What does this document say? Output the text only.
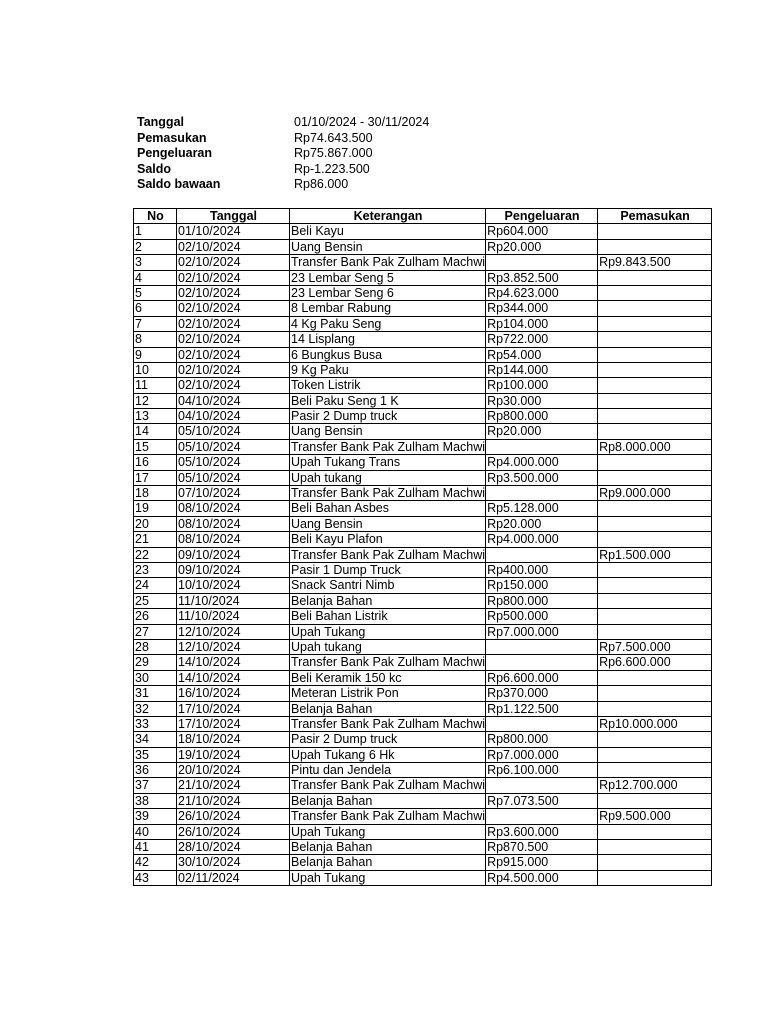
Tanggal	01/10/2024 - 30/11/2024
Pemasukan	Rp74.643.500
Pengeluaran	Rp75.867.000
Saldo	Rp-1.223.500
Saldo bawaan	Rp86.000
No	Tanggal	Keterangan	Pengeluaran	Pemasukan
1	01/10/2024	Beli Kayu	Rp604.000	
2	02/10/2024	Uang Bensin	Rp20.000	
3	02/10/2024	Transfer Bank Pak Zulham Machwi		Rp9.843.500
4	02/10/2024	23 Lembar Seng 5	Rp3.852.500	
5	02/10/2024	23 Lembar Seng 6	Rp4.623.000	
6	02/10/2024	8 Lembar Rabung	Rp344.000	
7	02/10/2024	4 Kg Paku Seng	Rp104.000	
8	02/10/2024	14 Lisplang	Rp722.000	
9	02/10/2024	6 Bungkus Busa	Rp54.000	
10	02/10/2024	9 Kg Paku	Rp144.000	
11	02/10/2024	Token Listrik	Rp100.000	
12	04/10/2024	Beli Paku Seng 1 K	Rp30.000	
13	04/10/2024	Pasir 2 Dump truck	Rp800.000	
14	05/10/2024	Uang Bensin	Rp20.000	
15	05/10/2024	Transfer Bank Pak Zulham Machwi		Rp8.000.000
16	05/10/2024	Upah Tukang Trans	Rp4.000.000	
17	05/10/2024	Upah tukang	Rp3.500.000	
18	07/10/2024	Transfer Bank Pak Zulham Machwi		Rp9.000.000
19	08/10/2024	Beli Bahan Asbes	Rp5.128.000	
20	08/10/2024	Uang Bensin	Rp20.000	
21	08/10/2024	Beli Kayu Plafon	Rp4.000.000	
22	09/10/2024	Transfer Bank Pak Zulham Machwi		Rp1.500.000
23	09/10/2024	Pasir 1 Dump Truck	Rp400.000	
24	10/10/2024	Snack Santri Nimb	Rp150.000	
25	11/10/2024	Belanja Bahan	Rp800.000	
26	11/10/2024	Beli Bahan Listrik	Rp500.000	
27	12/10/2024	Upah Tukang	Rp7.000.000	
28	12/10/2024	Upah tukang		Rp7.500.000
29	14/10/2024	Transfer Bank Pak Zulham Machwi		Rp6.600.000
30	14/10/2024	Beli Keramik 150 kc	Rp6.600.000	
31	16/10/2024	Meteran Listrik Pon	Rp370.000	
32	17/10/2024	Belanja Bahan	Rp1.122.500	
33	17/10/2024	Transfer Bank Pak Zulham Machwi		Rp10.000.000
34	18/10/2024	Pasir 2 Dump truck	Rp800.000	
35	19/10/2024	Upah Tukang 6 Hk	Rp7.000.000	
36	20/10/2024	Pintu dan Jendela	Rp6.100.000	
37	21/10/2024	Transfer Bank Pak Zulham Machwi		Rp12.700.000
38	21/10/2024	Belanja Bahan	Rp7.073.500	
39	26/10/2024	Transfer Bank Pak Zulham Machwi		Rp9.500.000
40	26/10/2024	Upah Tukang	Rp3.600.000	
41	28/10/2024	Belanja Bahan	Rp870.500	
42	30/10/2024	Belanja Bahan	Rp915.000	
43	02/11/2024	Upah Tukang	Rp4.500.000	
